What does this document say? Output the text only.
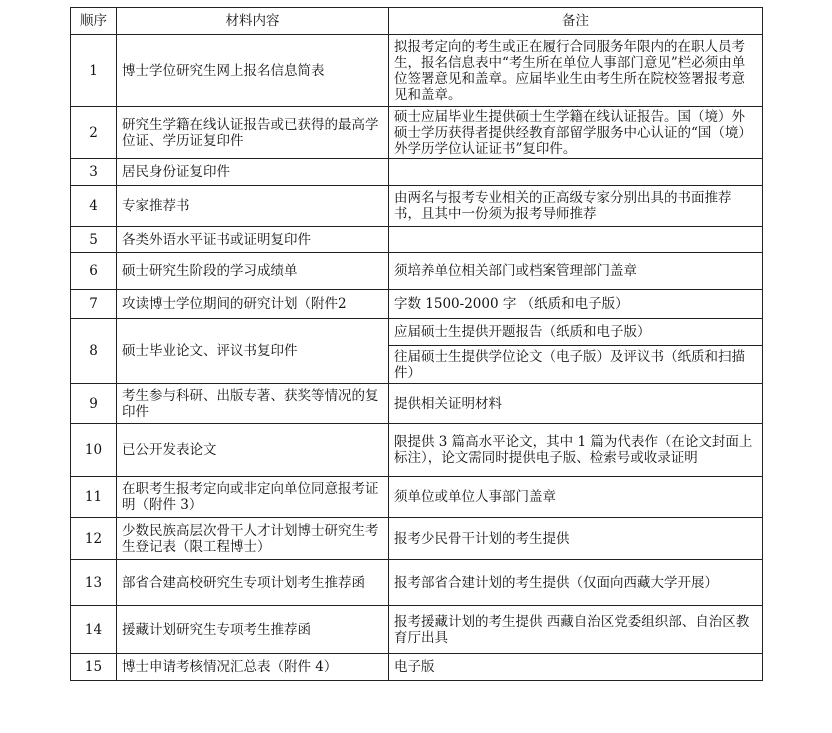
顺序	材料内容	备注
1	博士学位研究生网上报名信息简表	拟报考定向的考生或正在履行合同服务年限内的在职人员考生，报名信息表中“考生所在单位人事部门意见”栏必须由单位签署意见和盖章。应届毕业生由考生所在院校签署报考意见和盖章。
2	研究生学籍在线认证报告或已获得的最高学位证、学历证复印件	硕士应届毕业生提供硕士生学籍在线认证报告。国（境）外硕士学历获得者提供经教育部留学服务中心认证的“国（境）外学历学位认证证书”复印件。
3	居民身份证复印件	
4	专家推荐书	由两名与报考专业相关的正高级专家分别出具的书面推荐书，且其中一份须为报考导师推荐
5	各类外语水平证书或证明复印件	
6	硕士研究生阶段的学习成绩单	须培养单位相关部门或档案管理部门盖章
7	攻读博士学位期间的研究计划（附件2	字数 1500-2000 字 （纸质和电子版）
8	硕士毕业论文、评议书复印件	应届硕士生提供开题报告（纸质和电子版）
		往届硕士生提供学位论文（电子版）及评议书（纸质和扫描件）
9	考生参与科研、出版专著、获奖等情况的复印件	提供相关证明材料
10	已公开发表论文	限提供 3 篇高水平论文，其中 1 篇为代表作（在论文封面上标注），论文需同时提供电子版、检索号或收录证明
11	在职考生报考定向或非定向单位同意报考证明（附件 3）	须单位或单位人事部门盖章
12	少数民族高层次骨干人才计划博士研究生考生登记表（限工程博士）	报考少民骨干计划的考生提供
13	部省合建高校研究生专项计划考生推荐函	报考部省合建计划的考生提供（仅面向西藏大学开展）
14	援藏计划研究生专项考生推荐函	报考援藏计划的考生提供 西藏自治区党委组织部、自治区教育厅出具
15	博士申请考核情况汇总表（附件 4）	电子版
